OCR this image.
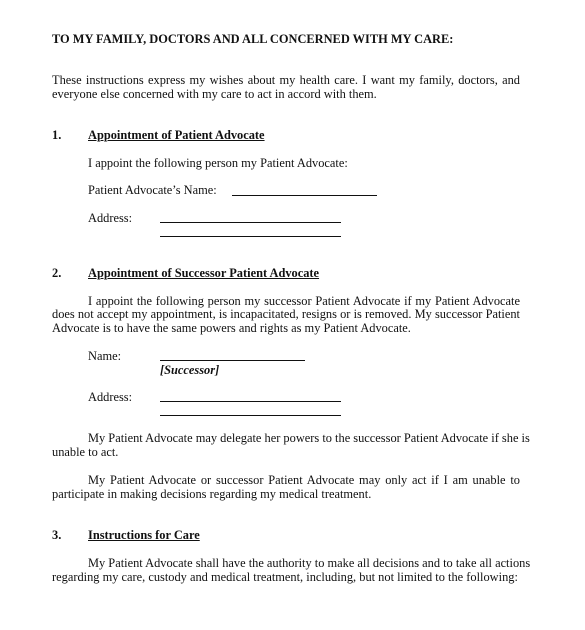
TO MY FAMILY, DOCTORS AND ALL CONCERNED WITH MY CARE:
These instructions express my wishes about my health care. I want my family, doctors, and
everyone else concerned with my care to act in accord with them.
1. Appointment of Patient Advocate
I appoint the following person my Patient Advocate:
Patient Advocate’s Name:
Address:
2. Appointment of Successor Patient Advocate
I appoint the following person my successor Patient Advocate if my Patient Advocate
does not accept my appointment, is incapacitated, resigns or is removed. My successor Patient
Advocate is to have the same powers and rights as my Patient Advocate.
Name:
[Successor]
Address:
My Patient Advocate may delegate her powers to the successor Patient Advocate if she is
unable to act.
My Patient Advocate or successor Patient Advocate may only act if I am unable to
participate in making decisions regarding my medical treatment.
3. Instructions for Care
My Patient Advocate shall have the authority to make all decisions and to take all actions
regarding my care, custody and medical treatment, including, but not limited to the following:
